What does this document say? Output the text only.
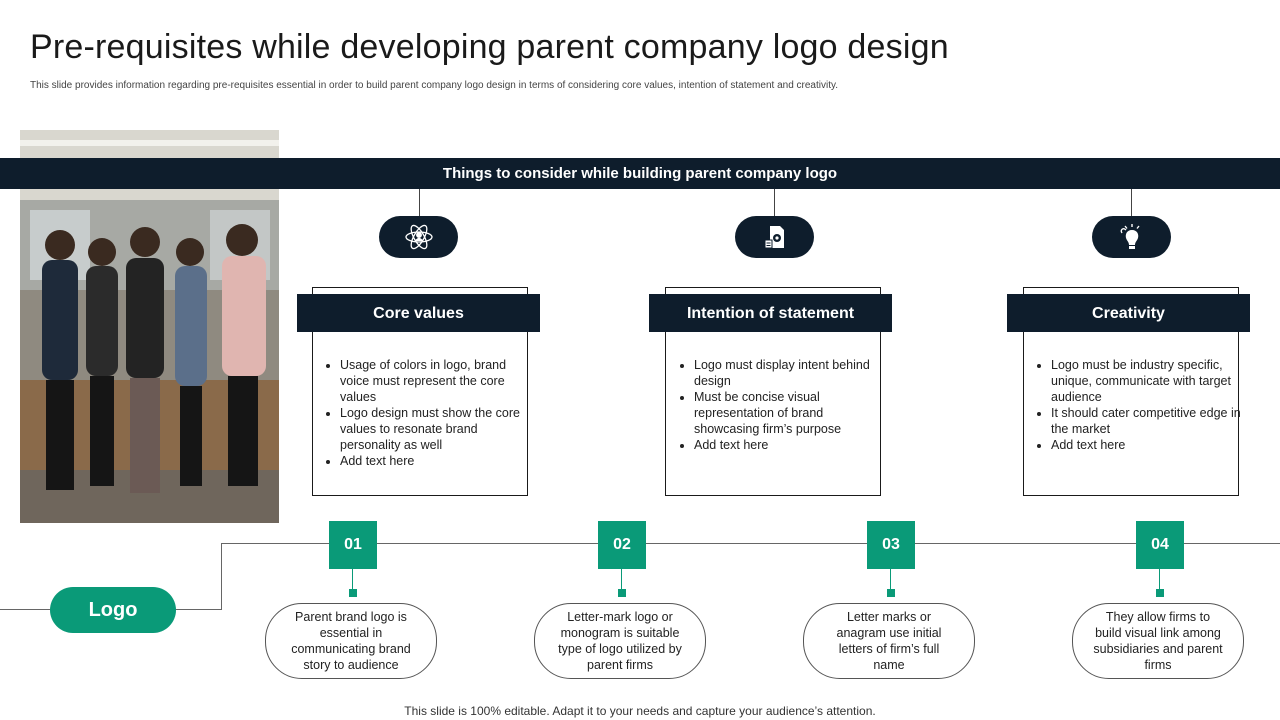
Pre-requisites while developing parent company logo design
This slide provides information regarding pre-requisites essential in order to build parent company logo design in terms of considering core values, intention of statement and creativity.
Things to consider while building parent company logo
Core values
• Usage of colors in logo, brand voice must represent the core values
• Logo design must show the core values to resonate brand personality as well
• Add text here
Intention of statement
• Logo must display intent behind design
• Must be concise visual representation of brand showcasing firm’s purpose
• Add text here
Creativity
• Logo must be industry specific, unique, communicate with target audience
• It should cater competitive edge in the market
• Add text here
Logo
01
Parent brand logo is essential in communicating brand story to audience
02
Letter-mark logo or monogram is suitable type of logo utilized by parent firms
03
Letter marks or anagram use initial letters of firm’s full name
04
They allow firms to build visual link among subsidiaries and parent firms
This slide is 100% editable. Adapt it to your needs and capture your audience’s attention.
